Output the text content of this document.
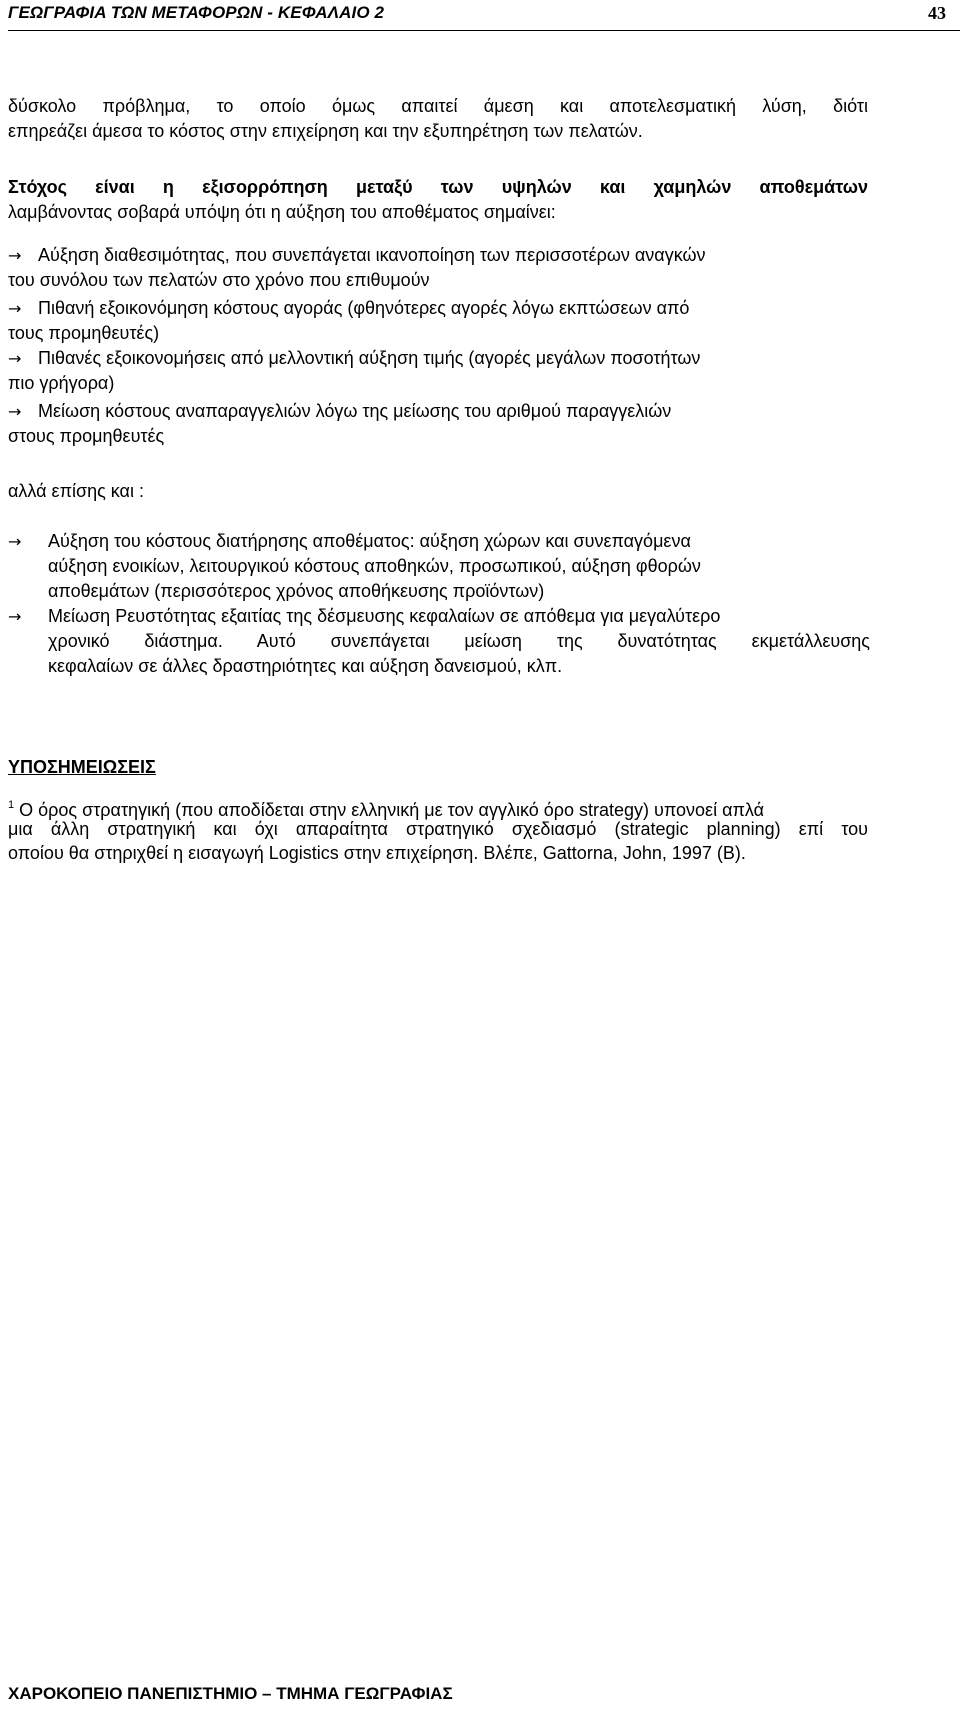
ΓΕΩΓΡΑΦΙΑ ΤΩΝ ΜΕΤΑΦΟΡΩΝ - ΚΕΦΑΛΑΙΟ 2	43
δύσκολο πρόβλημα, το οποίο όμως απαιτεί άμεση και αποτελεσματική λύση, διότι
επηρεάζει άμεσα το κόστος στην επιχείρηση και την εξυπηρέτηση των πελατών.
Στόχος είναι η εξισορρόπηση μεταξύ των υψηλών και χαμηλών αποθεμάτων
λαμβάνοντας σοβαρά υπόψη ότι η αύξηση του αποθέματος σημαίνει:
→ Αύξηση διαθεσιμότητας, που συνεπάγεται ικανοποίηση των περισσοτέρων αναγκών
του συνόλου των πελατών στο χρόνο που επιθυμούν
→ Πιθανή εξοικονόμηση κόστους αγοράς (φθηνότερες αγορές λόγω εκπτώσεων από
τους προμηθευτές)
→ Πιθανές εξοικονομήσεις από μελλοντική αύξηση τιμής (αγορές μεγάλων ποσοτήτων
πιο γρήγορα)
→ Μείωση κόστους αναπαραγγελιών λόγω της μείωσης του αριθμού παραγγελιών
στους προμηθευτές
αλλά επίσης και :
→ Αύξηση του κόστους διατήρησης αποθέματος: αύξηση χώρων και συνεπαγόμενα
αύξηση ενοικίων, λειτουργικού κόστους αποθηκών, προσωπικού, αύξηση φθορών
αποθεμάτων (περισσότερος χρόνος αποθήκευσης προϊόντων)
→ Μείωση Ρευστότητας εξαιτίας της δέσμευσης κεφαλαίων σε απόθεμα για μεγαλύτερο
χρονικό διάστημα. Αυτό συνεπάγεται μείωση της δυνατότητας εκμετάλλευσης
κεφαλαίων σε άλλες δραστηριότητες και αύξηση δανεισμού, κλπ.
ΥΠΟΣΗΜΕΙΩΣΕΙΣ
$^1$ Ο όρος στρατηγική (που αποδίδεται στην ελληνική με τον αγγλικό όρο strategy) υπονοεί απλά
μια άλλη στρατηγική και όχι απαραίτητα στρατηγικό σχεδιασμό (strategic planning) επί του
οποίου θα στηριχθεί η εισαγωγή Logistics στην επιχείρηση. Βλέπε, Gattorna, John, 1997 (Β).
ΧΑΡΟΚΟΠΕΙΟ ΠΑΝΕΠΙΣΤΗΜΙΟ – ΤΜΗΜΑ ΓΕΩΓΡΑΦΙΑΣ
